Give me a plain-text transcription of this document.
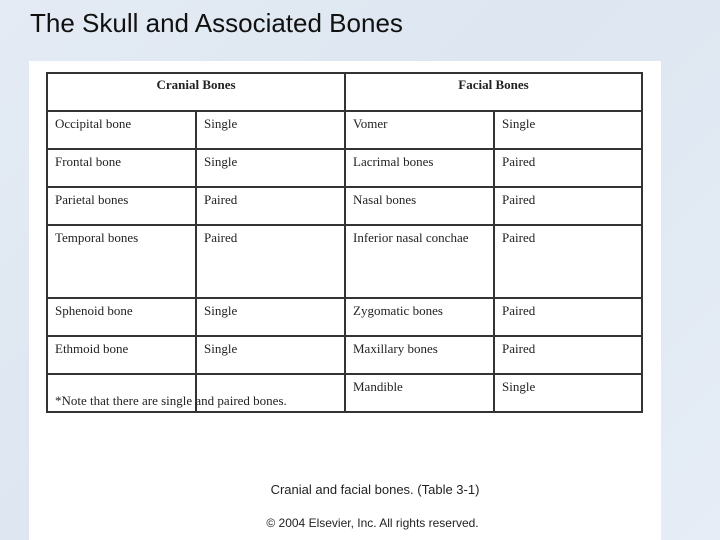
The Skull and Associated Bones
Cranial Bones		Facial Bones	
Occipital bone	Single	Vomer	Single
Frontal bone	Single	Lacrimal bones	Paired
Parietal bones	Paired	Nasal bones	Paired
Temporal bones	Paired	Inferior nasal conchae	Paired
Sphenoid bone	Single	Zygomatic bones	Paired
Ethmoid bone	Single	Maxillary bones	Paired
		Mandible	Single
*Note that there are single and paired bones.
Cranial and facial bones. (Table 3-1)
© 2004 Elsevier, Inc. All rights reserved.
